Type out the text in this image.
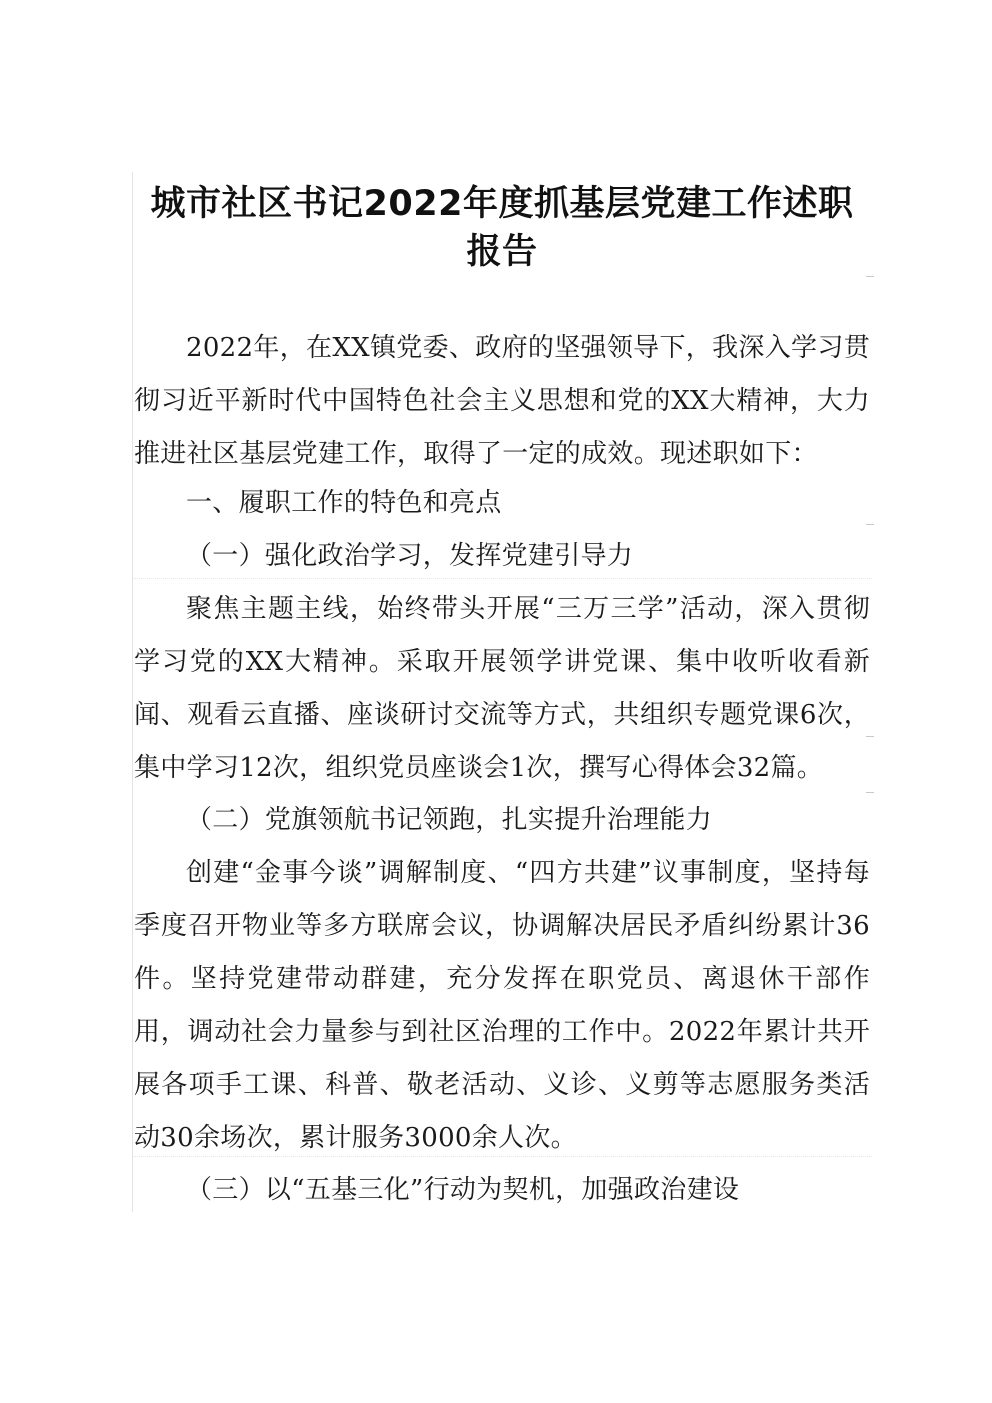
城市社区书记2022年度抓基层党建工作述职
报告

2022年，在XX镇党委、政府的坚强领导下，我深入学习贯彻习近平新时代中国特色社会主义思想和党的XX大精神，大力推进社区基层党建工作，取得了一定的成效。现述职如下：

一、履职工作的特色和亮点

（一）强化政治学习，发挥党建引导力

聚焦主题主线，始终带头开展“三万三学”活动，深入贯彻学习党的XX大精神。采取开展领学讲党课、集中收听收看新闻、观看云直播、座谈研讨交流等方式，共组织专题党课6次，集中学习12次，组织党员座谈会1次，撰写心得体会32篇。

（二）党旗领航书记领跑，扎实提升治理能力

创建“金事今谈”调解制度、“四方共建”议事制度，坚持每季度召开物业等多方联席会议，协调解决居民矛盾纠纷累计36件。坚持党建带动群建，充分发挥在职党员、离退休干部作用，调动社会力量参与到社区治理的工作中。2022年累计共开展各项手工课、科普、敬老活动、义诊、义剪等志愿服务类活动30余场次，累计服务3000余人次。

（三）以“五基三化”行动为契机，加强政治建设
